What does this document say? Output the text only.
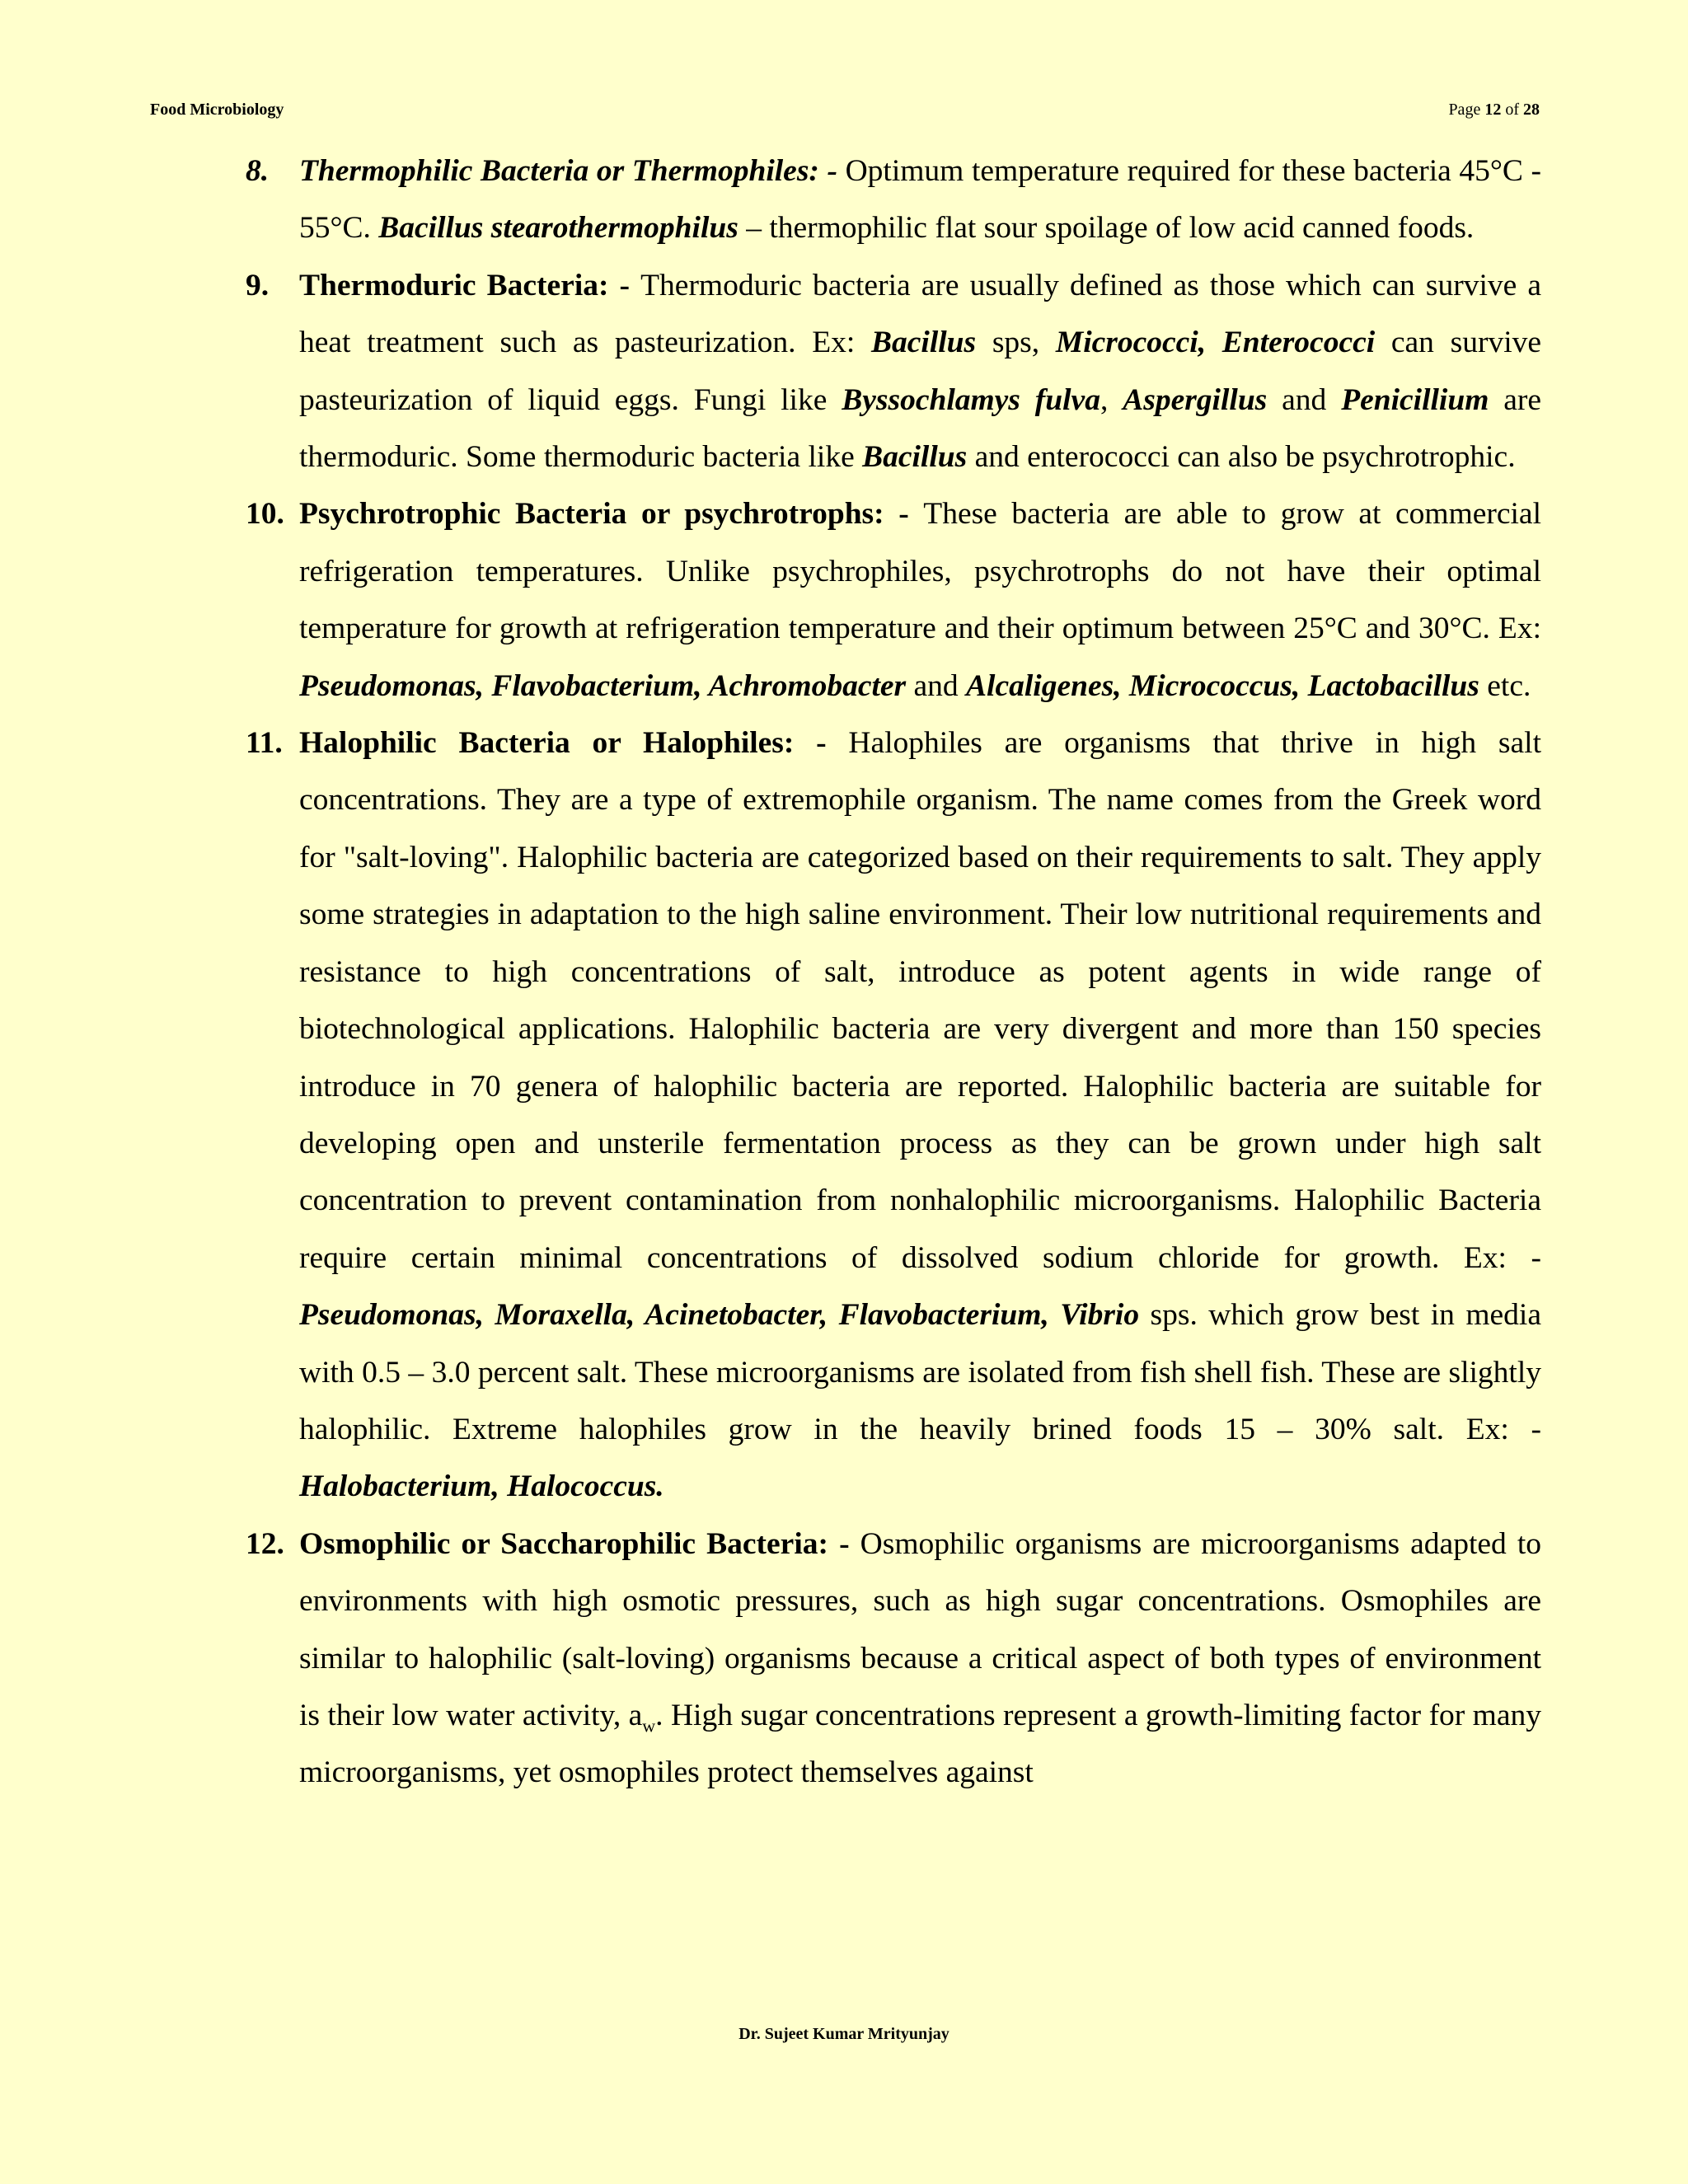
Food Microbiology	Page 12 of 28
8. Thermophilic Bacteria or Thermophiles: - Optimum temperature required for these bacteria 45°C - 55°C. Bacillus stearothermophilus – thermophilic flat sour spoilage of low acid canned foods.
9. Thermoduric Bacteria: - Thermoduric bacteria are usually defined as those which can survive a heat treatment such as pasteurization. Ex: Bacillus sps, Micrococci, Enterococci can survive pasteurization of liquid eggs. Fungi like Byssochlamys fulva, Aspergillus and Penicillium are thermoduric. Some thermoduric bacteria like Bacillus and enterococci can also be psychrotrophic.
10. Psychrotrophic Bacteria or psychrotrophs: - These bacteria are able to grow at commercial refrigeration temperatures. Unlike psychrophiles, psychrotrophs do not have their optimal temperature for growth at refrigeration temperature and their optimum between 25°C and 30°C. Ex: Pseudomonas, Flavobacterium, Achromobacter and Alcaligenes, Micrococcus, Lactobacillus etc.
11. Halophilic Bacteria or Halophiles: - Halophiles are organisms that thrive in high salt concentrations. They are a type of extremophile organism. The name comes from the Greek word for "salt-loving". Halophilic bacteria are categorized based on their requirements to salt. They apply some strategies in adaptation to the high saline environment. Their low nutritional requirements and resistance to high concentrations of salt, introduce as potent agents in wide range of biotechnological applications. Halophilic bacteria are very divergent and more than 150 species introduce in 70 genera of halophilic bacteria are reported. Halophilic bacteria are suitable for developing open and unsterile fermentation process as they can be grown under high salt concentration to prevent contamination from nonhalophilic microorganisms. Halophilic Bacteria require certain minimal concentrations of dissolved sodium chloride for growth. Ex: - Pseudomonas, Moraxella, Acinetobacter, Flavobacterium, Vibrio sps. which grow best in media with 0.5 – 3.0 percent salt. These microorganisms are isolated from fish shell fish. These are slightly halophilic. Extreme halophiles grow in the heavily brined foods 15 – 30% salt. Ex: - Halobacterium, Halococcus.
12. Osmophilic or Saccharophilic Bacteria: - Osmophilic organisms are microorganisms adapted to environments with high osmotic pressures, such as high sugar concentrations. Osmophiles are similar to halophilic (salt-loving) organisms because a critical aspect of both types of environment is their low water activity, $a_w$. High sugar concentrations represent a growth-limiting factor for many microorganisms, yet osmophiles protect themselves against
Dr. Sujeet Kumar Mrityunjay
